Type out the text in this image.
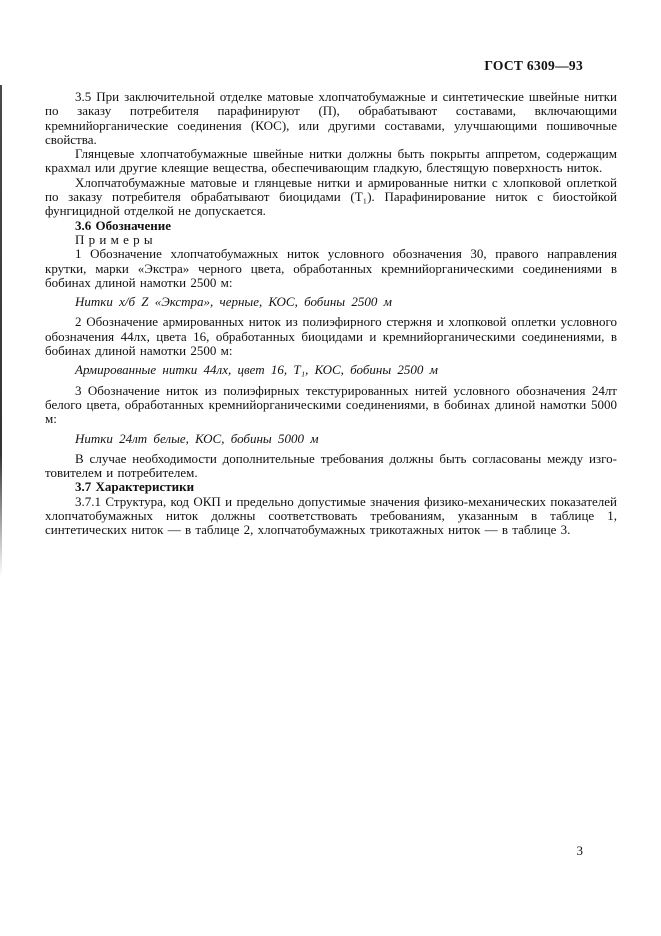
ГОСТ 6309—93

3.5 При заключительной отделке матовые хлопчатобумажные и синтетические швейные нитки по заказу потребителя парафинируют (П), обрабатывают составами, включающими кремнийорганические соединения (КОС), или другими составами, улучшающими пошивочные свойства.

Глянцевые хлопчатобумажные швейные нитки должны быть покрыты аппретом, содержащим крахмал или другие клеящие вещества, обеспечивающим гладкую, блестящую поверхность ниток.

Хлопчатобумажные матовые и глянцевые нитки и армированные нитки с хлопковой оплеткой по заказу потребителя обрабатывают биоцидами (Т₁). Парафинирование ниток с биостойкой фунгицидной отделкой не допускается.

3.6 Обозначение

П р и м е р ы

1 Обозначение хлопчатобумажных ниток условного обозначения 30, правого направления крутки, марки «Экстра» черного цвета, обработанных кремнийорганическими соединениями в бобинах длиной намотки 2500 м:

Нитки х/б Z «Экстра», черные, КОС, бобины 2500 м

2 Обозначение армированных ниток из полиэфирного стержня и хлопковой оплетки условного обозначения 44лх, цвета 16, обработанных биоцидами и кремнийорганическими соединениями, в бобинах длиной намотки 2500 м:

Армированные нитки 44лх, цвет 16, Т₁, КОС, бобины 2500 м

3 Обозначение ниток из полиэфирных текстурированных нитей условного обозначения 24лт белого цвета, обработанных кремнийорганическими соединениями, в бобинах длиной намотки 5000 м:

Нитки 24лт белые, КОС, бобины 5000 м

В случае необходимости дополнительные требования должны быть согласованы между изготовителем и потребителем.

3.7 Характеристики

3.7.1 Структура, код ОКП и предельно допустимые значения физико-механических показателей хлопчатобумажных ниток должны соответствовать требованиям, указанным в таблице 1, синтетических ниток — в таблице 2, хлопчатобумажных трикотажных ниток — в таблице 3.

3
